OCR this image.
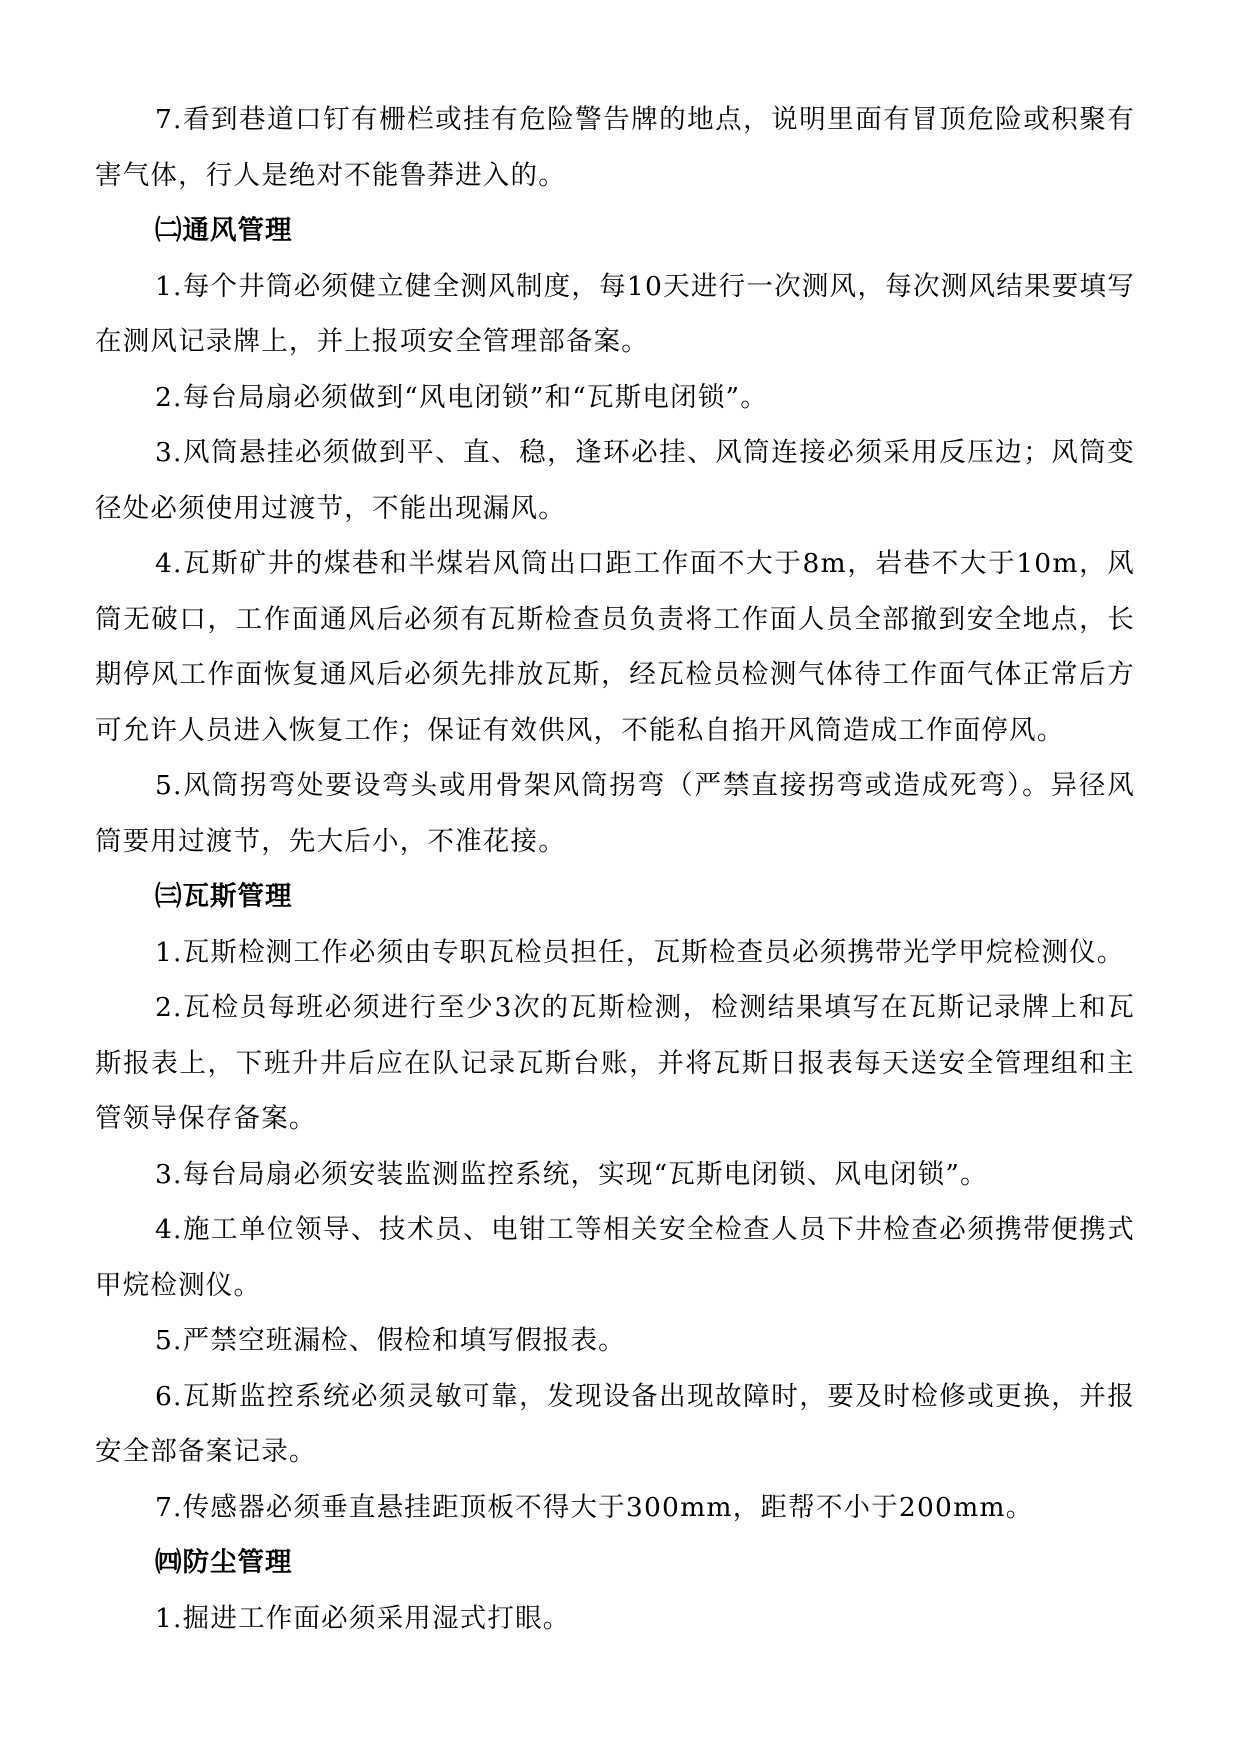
7.看到巷道口钉有栅栏或挂有危险警告牌的地点，说明里面有冒顶危险或积聚有害气体，行人是绝对不能鲁莽进入的。

㈡通风管理

1.每个井筒必须健立健全测风制度，每10天进行一次测风，每次测风结果要填写在测风记录牌上，并上报项安全管理部备案。

2.每台局扇必须做到“风电闭锁”和“瓦斯电闭锁”。

3.风筒悬挂必须做到平、直、稳，逢环必挂、风筒连接必须采用反压边；风筒变径处必须使用过渡节，不能出现漏风。

4.瓦斯矿井的煤巷和半煤岩风筒出口距工作面不大于8m，岩巷不大于10m，风筒无破口，工作面通风后必须有瓦斯检查员负责将工作面人员全部撤到安全地点，长期停风工作面恢复通风后必须先排放瓦斯，经瓦检员检测气体待工作面气体正常后方可允许人员进入恢复工作；保证有效供风，不能私自掐开风筒造成工作面停风。

5.风筒拐弯处要设弯头或用骨架风筒拐弯（严禁直接拐弯或造成死弯）。异径风筒要用过渡节，先大后小，不准花接。

㈢瓦斯管理

1.瓦斯检测工作必须由专职瓦检员担任，瓦斯检查员必须携带光学甲烷检测仪。

2.瓦检员每班必须进行至少3次的瓦斯检测，检测结果填写在瓦斯记录牌上和瓦斯报表上，下班升井后应在队记录瓦斯台账，并将瓦斯日报表每天送安全管理组和主管领导保存备案。

3.每台局扇必须安装监测监控系统，实现“瓦斯电闭锁、风电闭锁”。

4.施工单位领导、技术员、电钳工等相关安全检查人员下井检查必须携带便携式甲烷检测仪。

5.严禁空班漏检、假检和填写假报表。

6.瓦斯监控系统必须灵敏可靠，发现设备出现故障时，要及时检修或更换，并报安全部备案记录。

7.传感器必须垂直悬挂距顶板不得大于300mm，距帮不小于200mm。

㈣防尘管理

1.掘进工作面必须采用湿式打眼。
